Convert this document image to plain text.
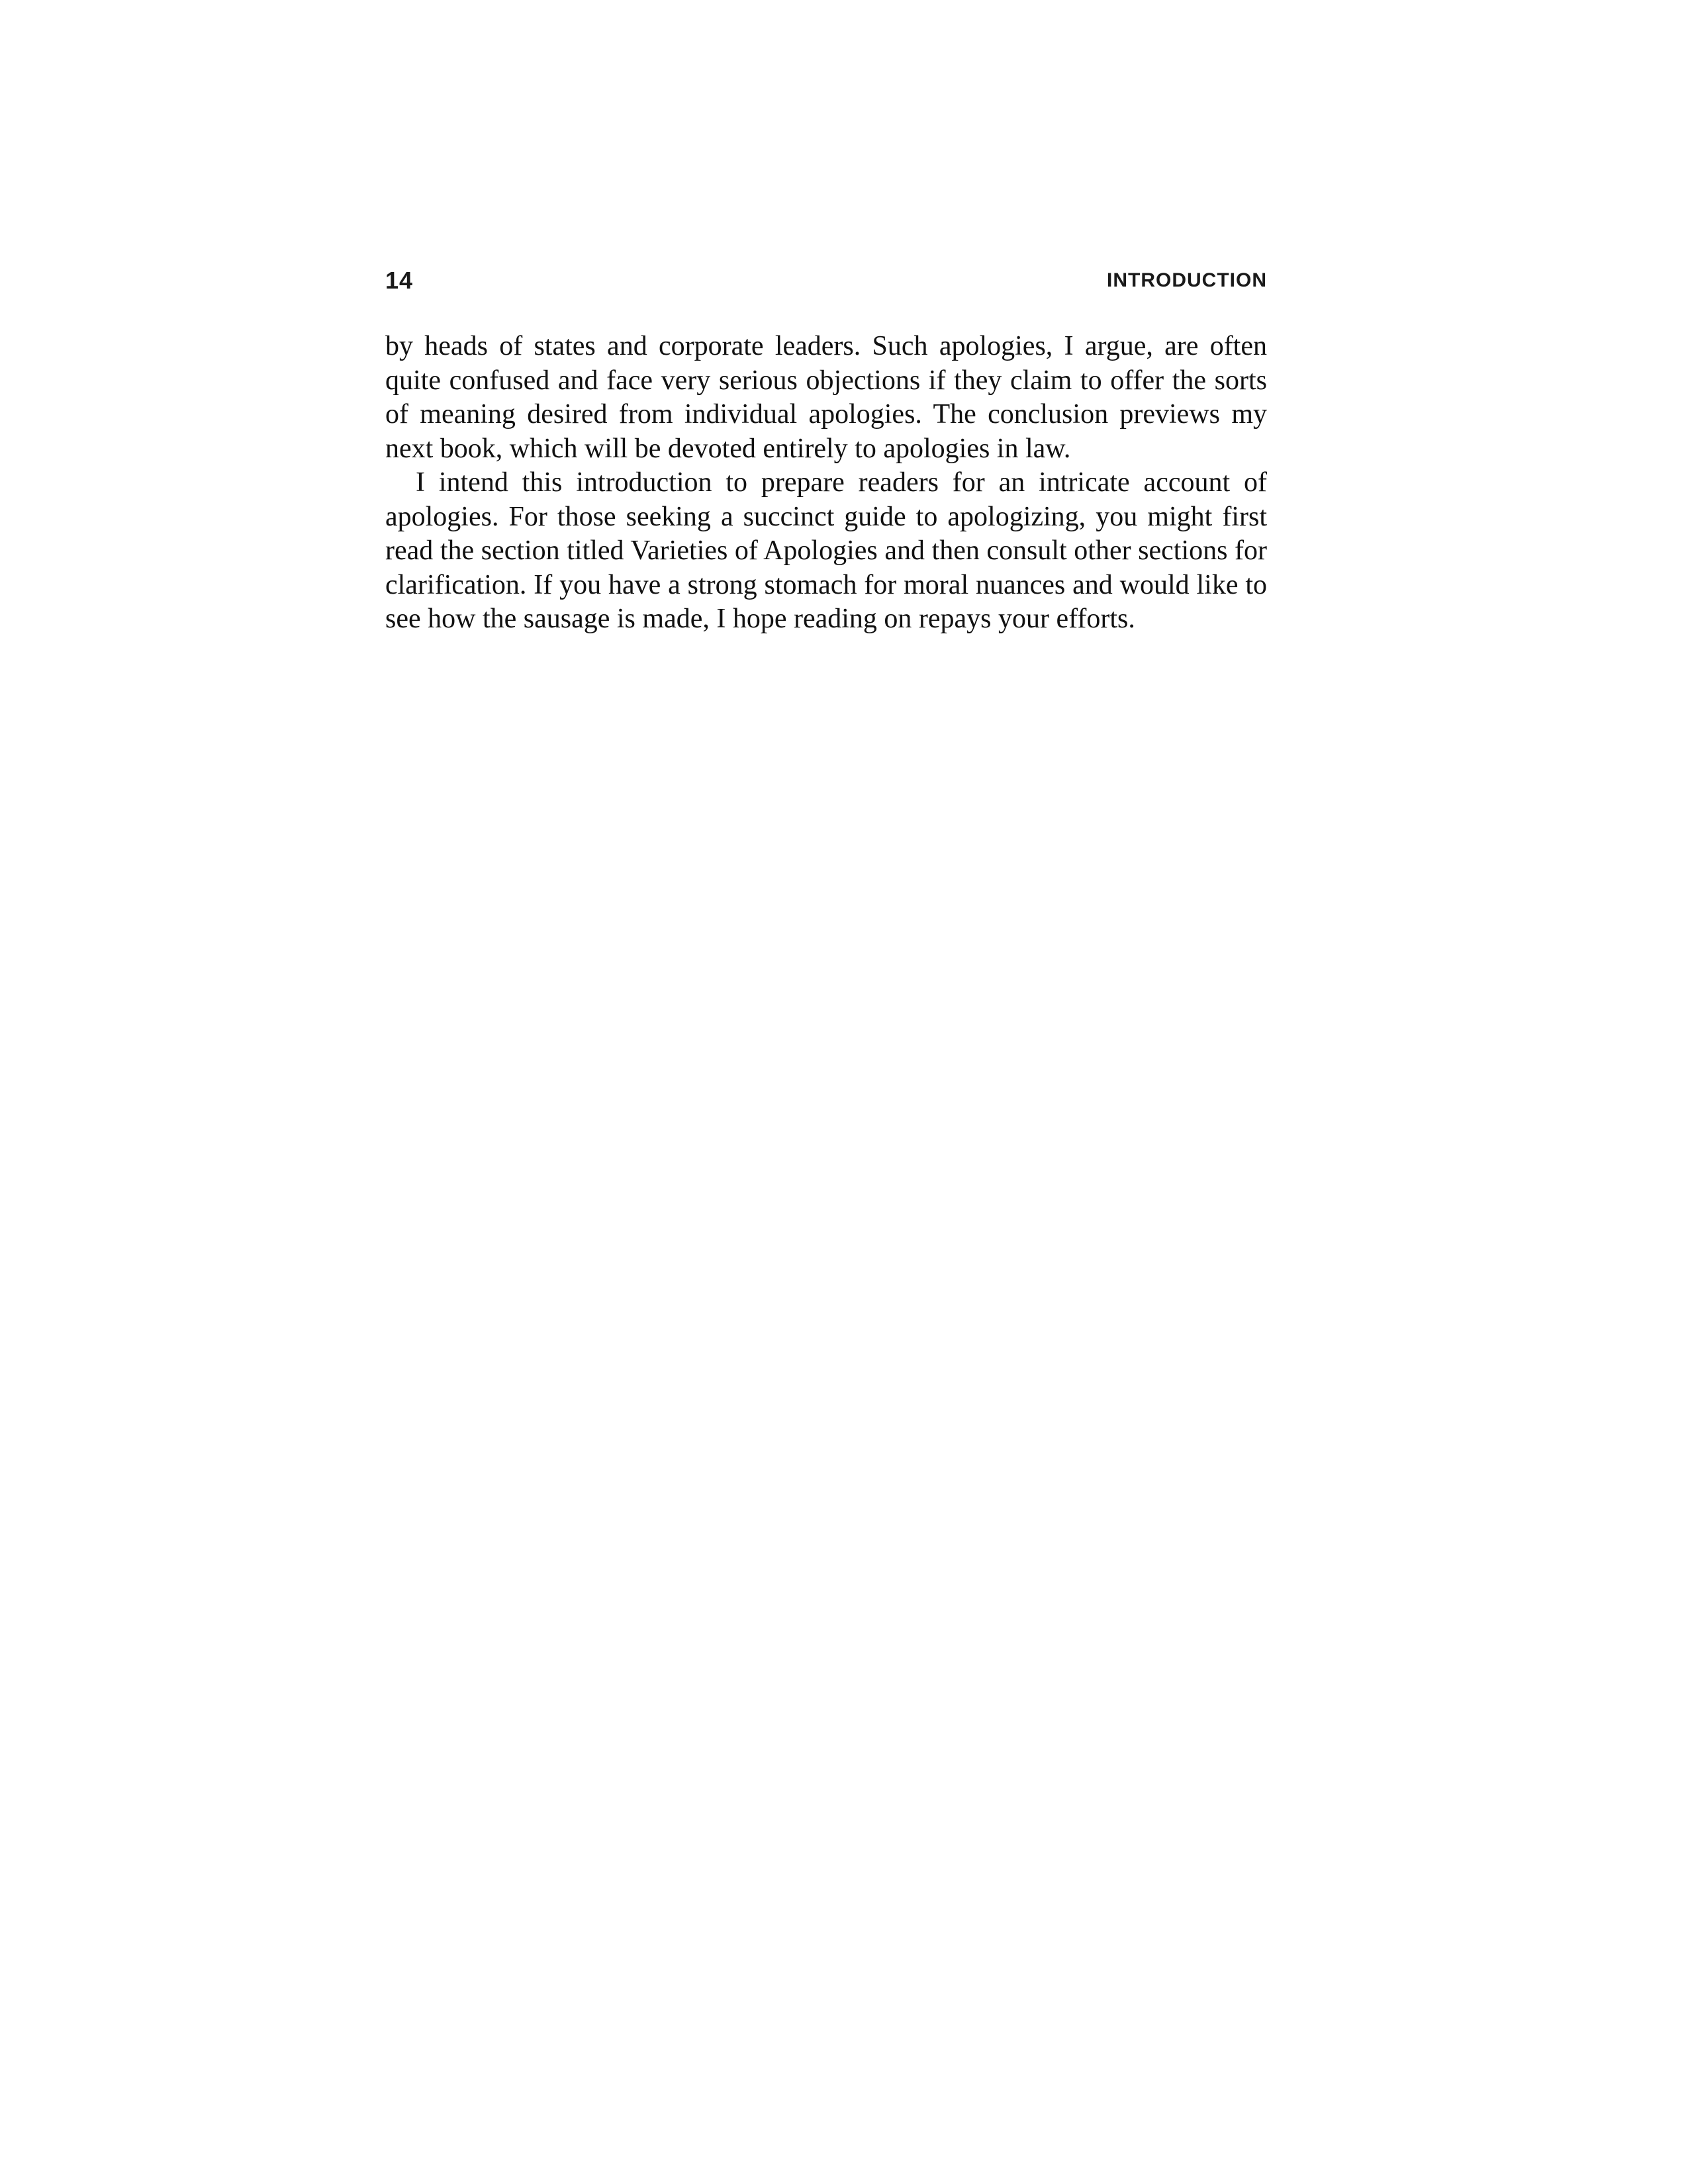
14	INTRODUCTION

by heads of states and corporate leaders. Such apologies, I argue, are often quite confused and face very serious objections if they claim to offer the sorts of meaning desired from individual apologies. The conclusion previews my next book, which will be devoted entirely to apologies in law.

I intend this introduction to prepare readers for an intricate account of apologies. For those seeking a succinct guide to apologizing, you might first read the section titled Varieties of Apologies and then consult other sections for clarification. If you have a strong stomach for moral nuances and would like to see how the sausage is made, I hope reading on repays your efforts.
